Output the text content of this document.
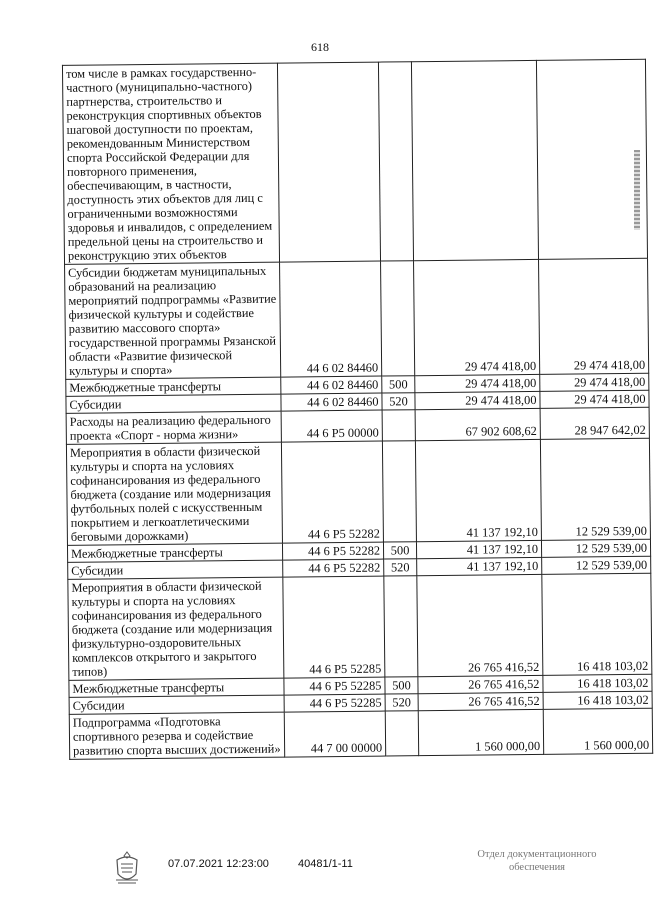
618
том числе в рамках государственно-частного (муниципально-частного) партнерства, строительство и реконструкция спортивных объектов шаговой доступности по проектам, рекомендованным Министерством спорта Российской Федерации для повторного применения, обеспечивающим, в частности, доступность этих объектов для лиц с ограниченными возможностями здоровья и инвалидов, с определением предельной цены на строительство и реконструкцию этих объектов				
Субсидии бюджетам муниципальных образований на реализацию мероприятий подпрограммы «Развитие физической культуры и содействие развитию массового спорта» государственной программы Рязанской области «Развитие физической культуры и спорта»	44 6 02 84460		29 474 418,00	29 474 418,00
Межбюджетные трансферты	44 6 02 84460	500	29 474 418,00	29 474 418,00
Субсидии	44 6 02 84460	520	29 474 418,00	29 474 418,00
Расходы на реализацию федерального проекта «Спорт - норма жизни»	44 6 P5 00000		67 902 608,62	28 947 642,02
Мероприятия в области физической культуры и спорта на условиях софинансирования из федерального бюджета (создание или модернизация футбольных полей с искусственным покрытием и легкоатлетическими беговыми дорожками)	44 6 P5 52282		41 137 192,10	12 529 539,00
Межбюджетные трансферты	44 6 P5 52282	500	41 137 192,10	12 529 539,00
Субсидии	44 6 P5 52282	520	41 137 192,10	12 529 539,00
Мероприятия в области физической культуры и спорта на условиях софинансирования из федерального бюджета (создание или модернизация физкультурно-оздоровительных комплексов открытого и закрытого типов)	44 6 P5 52285		26 765 416,52	16 418 103,02
Межбюджетные трансферты	44 6 P5 52285	500	26 765 416,52	16 418 103,02
Субсидии	44 6 P5 52285	520	26 765 416,52	16 418 103,02
Подпрограмма «Подготовка спортивного резерва и содействие развитию спорта высших достижений»	44 7 00 00000		1 560 000,00	1 560 000,00
07.07.2021 12:23:00	40481/1-11
Отдел документационного
обеспечения
